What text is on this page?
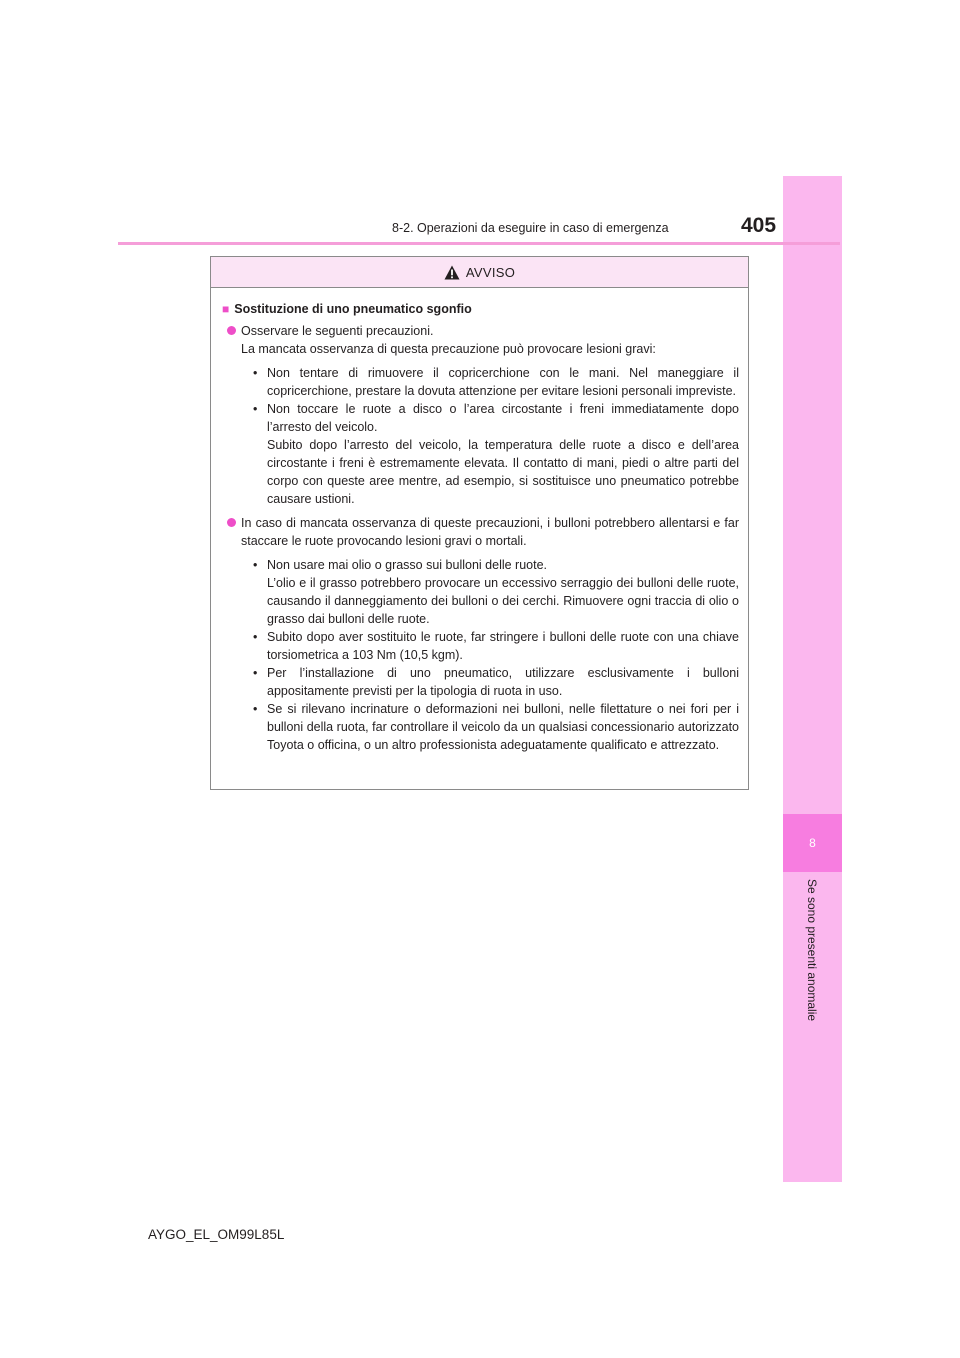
8
Se sono presenti anomalie
8-2. Operazioni da eseguire in caso di emergenza	405
AVVISO
■ Sostituzione di uno pneumatico sgonfio
Osservare le seguenti precauzioni.
La mancata osservanza di questa precauzione può provocare lesioni gravi:
• Non tentare di rimuovere il copricerchione con le mani. Nel maneggiare il copricerchione, prestare la dovuta attenzione per evitare lesioni personali impreviste.
• Non toccare le ruote a disco o l’area circostante i freni immediatamente dopo l’arresto del veicolo.
Subito dopo l’arresto del veicolo, la temperatura delle ruote a disco e dell’area circostante i freni è estremamente elevata. Il contatto di mani, piedi o altre parti del corpo con queste aree mentre, ad esempio, si sostituisce uno pneumatico potrebbe causare ustioni.
In caso di mancata osservanza di queste precauzioni, i bulloni potrebbero allentarsi e far staccare le ruote provocando lesioni gravi o mortali.
• Non usare mai olio o grasso sui bulloni delle ruote.
L’olio e il grasso potrebbero provocare un eccessivo serraggio dei bulloni delle ruote, causando il danneggiamento dei bulloni o dei cerchi. Rimuovere ogni traccia di olio o grasso dai bulloni delle ruote.
• Subito dopo aver sostituito le ruote, far stringere i bulloni delle ruote con una chiave torsiometrica a 103 Nm (10,5 kgm).
• Per l’installazione di uno pneumatico, utilizzare esclusivamente i bulloni appositamente previsti per la tipologia di ruota in uso.
• Se si rilevano incrinature o deformazioni nei bulloni, nelle filettature o nei fori per i bulloni della ruota, far controllare il veicolo da un qualsiasi concessionario autorizzato Toyota o officina, o un altro professionista adeguatamente qualificato e attrezzato.
AYGO_EL_OM99L85L
